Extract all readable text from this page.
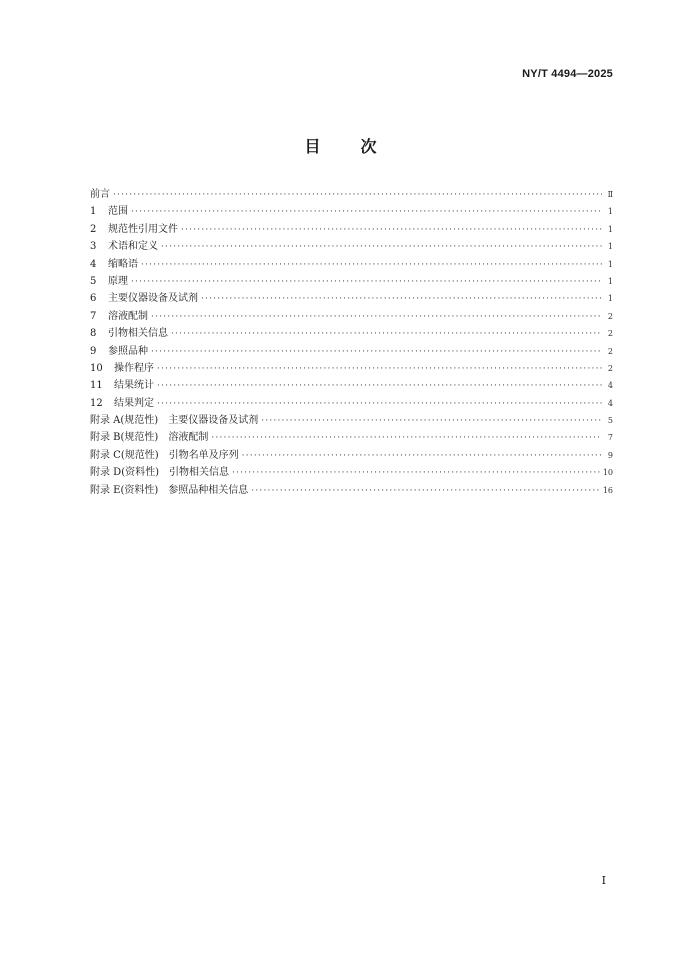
NY/T 4494—2025
目	次
前言 ·····	Ⅱ
1 范围 ·····	1
2 规范性引用文件 ·····	1
3 术语和定义 ·····	1
4 缩略语 ·····	1
5 原理 ·····	1
6 主要仪器设备及试剂 ·····	1
7 溶液配制 ·····	2
8 引物相关信息 ·····	2
9 参照品种 ·····	2
10 操作程序 ·····	2
11 结果统计 ·····	4
12 结果判定 ·····	4
附录 A(规范性)　主要仪器设备及试剂 ·····	5
附录 B(规范性)　溶液配制 ·····	7
附录 C(规范性)　引物名单及序列 ·····	9
附录 D(资料性)　引物相关信息 ·····	10
附录 E(资料性)　参照品种相关信息 ·····	16
I
